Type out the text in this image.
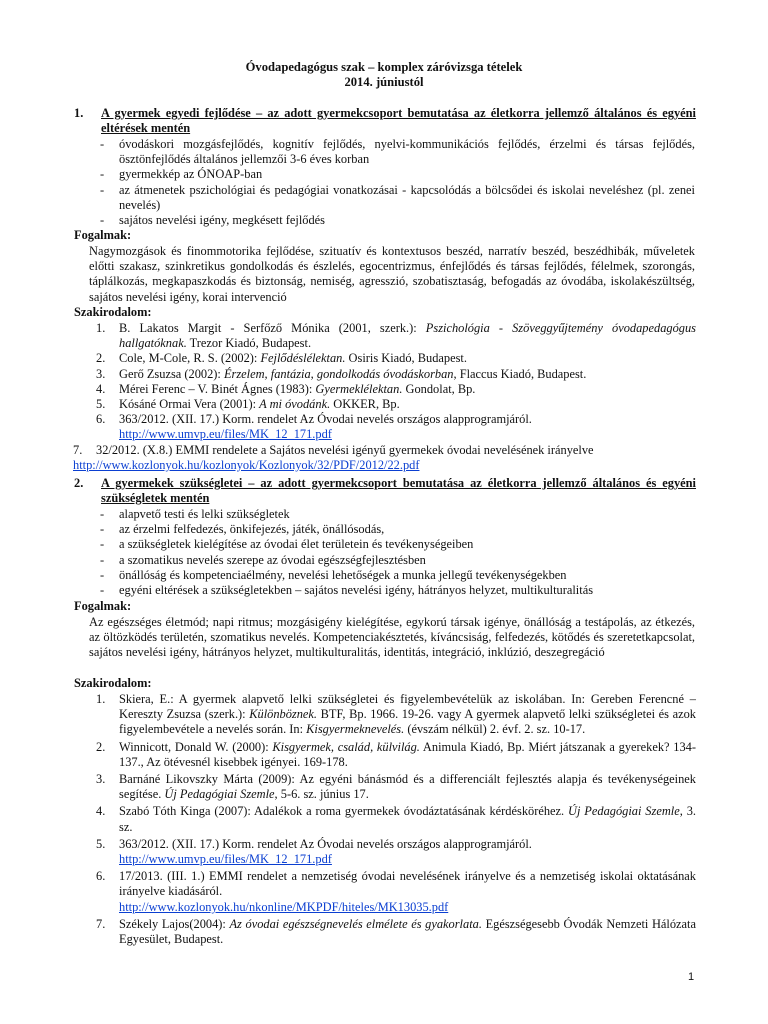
Óvodapedagógus szak – komplex záróvizsga tételek
2014. júniustól
1. A gyermek egyedi fejlődése – az adott gyermekcsoport bemutatása az életkorra jellemző általános és egyéni eltérések mentén
- óvodáskori mozgásfejlődés, kognitív fejlődés, nyelvi-kommunikációs fejlődés, érzelmi és társas fejlődés, ösztönfejlődés általános jellemzői 3-6 éves korban
- gyermekkép az ÓNOAP-ban
- az átmenetek pszichológiai és pedagógiai vonatkozásai - kapcsolódás a bölcsődei és iskolai neveléshez (pl. zenei nevelés)
- sajátos nevelési igény, megkésett fejlődés
Fogalmak:
Nagymozgások és finommotorika fejlődése, szituatív és kontextusos beszéd, narratív beszéd, beszédhibák, műveletek előtti szakasz, szinkretikus gondolkodás és észlelés, egocentrizmus, énfejlődés és társas fejlődés, félelmek, szorongás, táplálkozás, megkapaszkodás és biztonság, nemiség, agresszió, szobatisztaság, befogadás az óvodába, iskolakészültség, sajátos nevelési igény, korai intervenció
Szakirodalom:
1. B. Lakatos Margit - Serfőző Mónika (2001, szerk.): Pszichológia - Szöveggyűjtemény óvodapedagógus hallgatóknak. Trezor Kiadó, Budapest.
2. Cole, M-Cole, R. S. (2002): Fejlődéslélektan. Osiris Kiadó, Budapest.
3. Gerő Zsuzsa (2002): Érzelem, fantázia, gondolkodás óvodáskorban, Flaccus Kiadó, Budapest.
4. Mérei Ferenc – V. Binét Ágnes (1983): Gyermeklélektan. Gondolat, Bp.
5. Kósáné Ormai Vera (2001): A mi óvodánk. OKKER, Bp.
6. 363/2012. (XII. 17.) Korm. rendelet Az Óvodai nevelés országos alapprogramjáról.
http://www.umvp.eu/files/MK_12_171.pdf
7. 32/2012. (X.8.) EMMI rendelete a Sajátos nevelési igényű gyermekek óvodai nevelésének irányelve
http://www.kozlonyok.hu/kozlonyok/Kozlonyok/32/PDF/2012/22.pdf
2. A gyermekek szükségletei – az adott gyermekcsoport bemutatása az életkorra jellemző általános és egyéni szükségletek mentén
- alapvető testi és lelki szükségletek
- az érzelmi felfedezés, önkifejezés, játék, önállósodás,
- a szükségletek kielégítése az óvodai élet területein és tevékenységeiben
- a szomatikus nevelés szerepe az óvodai egészségfejlesztésben
- önállóság és kompetenciaélmény, nevelési lehetőségek a munka jellegű tevékenységekben
- egyéni eltérések a szükségletekben – sajátos nevelési igény, hátrányos helyzet, multikulturalitás
Fogalmak:
Az egészséges életmód; napi ritmus; mozgásigény kielégítése, egykorú társak igénye, önállóság a testápolás, az étkezés, az öltözködés területén, szomatikus nevelés. Kompetenciakésztetés, kíváncsiság, felfedezés, kötődés és szeretetkapcsolat, sajátos nevelési igény, hátrányos helyzet, multikulturalitás, identitás, integráció, inklúzió, deszegregáció
Szakirodalom:
1. Skiera, E.: A gyermek alapvető lelki szükségletei és figyelembevételük az iskolában. In: Gereben Ferencné – Kereszty Zsuzsa (szerk.): Különböznek. BTF, Bp. 1966. 19-26. vagy A gyermek alapvető lelki szükségletei és azok figyelembevétele a nevelés során. In: Kisgyermeknevelés. (évszám nélkül) 2. évf. 2. sz. 10-17.
2. Winnicott, Donald W. (2000): Kisgyermek, család, külvilág. Animula Kiadó, Bp. Miért játszanak a gyerekek? 134-137., Az ötévesnél kisebbek igényei. 169-178.
3. Barnáné Likovszky Márta (2009): Az egyéni bánásmód és a differenciált fejlesztés alapja és tevékenységeinek segítése. Új Pedagógiai Szemle, 5-6. sz. június 17.
4. Szabó Tóth Kinga (2007): Adalékok a roma gyermekek óvodáztatásának kérdésköréhez. Új Pedagógiai Szemle, 3. sz.
5. 363/2012. (XII. 17.) Korm. rendelet Az Óvodai nevelés országos alapprogramjáról.
http://www.umvp.eu/files/MK_12_171.pdf
6. 17/2013. (III. 1.) EMMI rendelet a nemzetiség óvodai nevelésének irányelve és a nemzetiség iskolai oktatásának irányelve kiadásáról.
http://www.kozlonyok.hu/nkonline/MKPDF/hiteles/MK13035.pdf
7. Székely Lajos(2004): Az óvodai egészségnevelés elmélete és gyakorlata. Egészségesebb Óvodák Nemzeti Hálózata Egyesület, Budapest.
1
